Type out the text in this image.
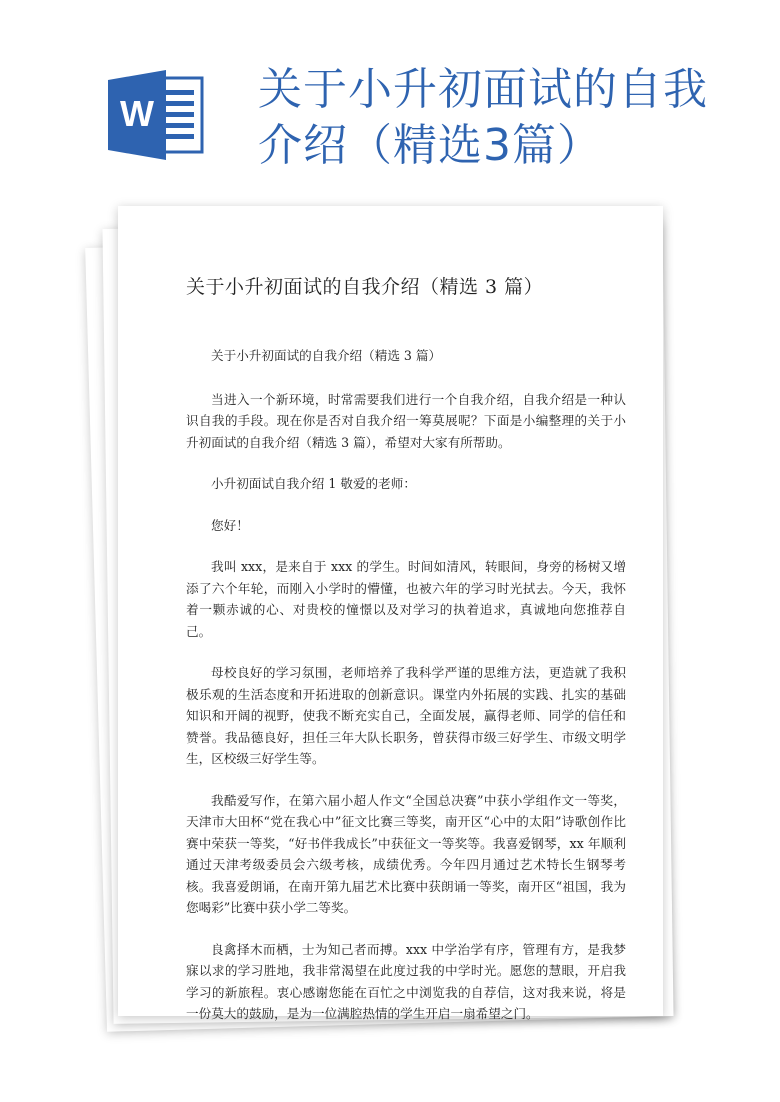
W 关于小升初面试的自我介绍（精选3篇）
关于小升初面试的自我介绍（精选 3 篇）

关于小升初面试的自我介绍（精选 3 篇）

当进入一个新环境，时常需要我们进行一个自我介绍，自我介绍是一种认识自我的手段。现在你是否对自我介绍一筹莫展呢？下面是小编整理的关于小升初面试的自我介绍（精选 3 篇），希望对大家有所帮助。

小升初面试自我介绍 1 敬爱的老师：

您好！

我叫 xxx，是来自于 xxx 的学生。时间如清风，转眼间，身旁的杨树又增添了六个年轮，而刚入小学时的懵懂，也被六年的学习时光拭去。今天，我怀着一颗赤诚的心、对贵校的憧憬以及对学习的执着追求，真诚地向您推荐自己。

母校良好的学习氛围，老师培养了我科学严谨的思维方法，更造就了我积极乐观的生活态度和开拓进取的创新意识。课堂内外拓展的实践、扎实的基础知识和开阔的视野，使我不断充实自己，全面发展，赢得老师、同学的信任和赞誉。我品德良好，担任三年大队长职务，曾获得市级三好学生、市级文明学生，区校级三好学生等。

我酷爱写作，在第六届小超人作文“全国总决赛”中获小学组作文一等奖，天津市大田杯“党在我心中”征文比赛三等奖，南开区“心中的太阳”诗歌创作比赛中荣获一等奖，“好书伴我成长”中获征文一等奖等。我喜爱钢琴，xx 年顺利通过天津考级委员会六级考核，成绩优秀。今年四月通过艺术特长生钢琴考核。我喜爱朗诵，在南开第九届艺术比赛中获朗诵一等奖，南开区“祖国，我为您喝彩”比赛中获小学二等奖。

良禽择木而栖，士为知己者而搏。xxx 中学治学有序，管理有方，是我梦寐以求的学习胜地，我非常渴望在此度过我的中学时光。愿您的慧眼，开启我学习的新旅程。衷心感谢您能在百忙之中浏览我的自荐信，这对我来说，将是一份莫大的鼓励，是为一位满腔热情的学生开启一扇希望之门。
